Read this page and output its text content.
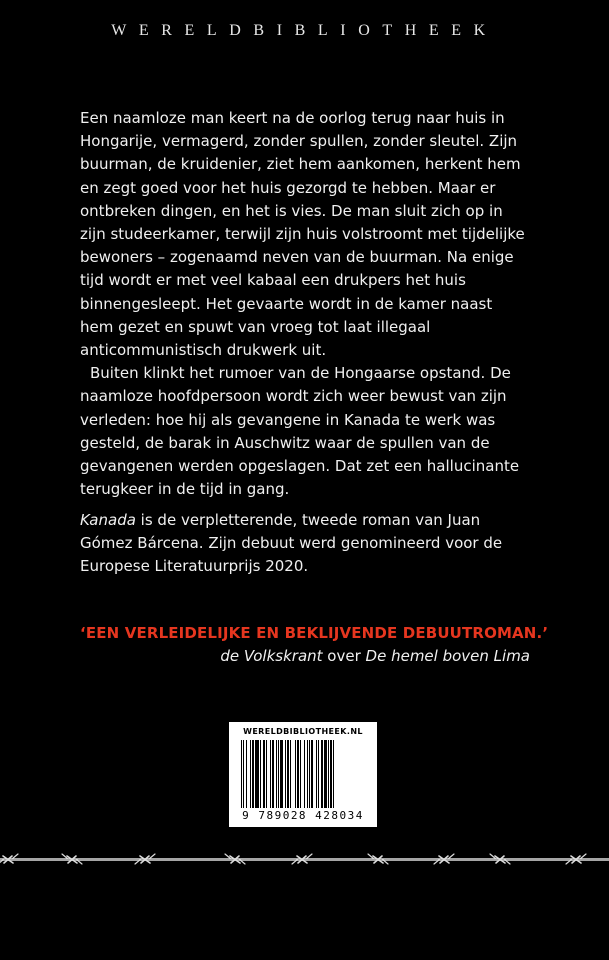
WERELDBIBLIOTHEEK

Een naamloze man keert na de oorlog terug naar huis in Hongarije, vermagerd, zonder spullen, zonder sleutel. Zijn buurman, de kruidenier, ziet hem aankomen, herkent hem en zegt goed voor het huis gezorgd te hebben. Maar er ontbreken dingen, en het is vies. De man sluit zich op in zijn studeerkamer, terwijl zijn huis volstroomt met tijdelijke bewoners – zogenaamd neven van de buurman. Na enige tijd wordt er met veel kabaal een drukpers het huis binnengesleept. Het gevaarte wordt in de kamer naast hem gezet en spuwt van vroeg tot laat illegaal anticommunistisch drukwerk uit.

Buiten klinkt het rumoer van de Hongaarse opstand. De naamloze hoofdpersoon wordt zich weer bewust van zijn verleden: hoe hij als gevangene in Kanada te werk was gesteld, de barak in Auschwitz waar de spullen van de gevangenen werden opgeslagen. Dat zet een hallucinante terugkeer in de tijd in gang.

Kanada is de verpletterende, tweede roman van Juan Gómez Bárcena. Zijn debuut werd genomineerd voor de Europese Literatuurprijs 2020.

‘EEN VERLEIDELIJKE EN BEKLIJVENDE DEBUUTROMAN.’

de Volkskrant over De hemel boven Lima

WERELDBIBLIOTHEEK.NL
9 789028 428034
